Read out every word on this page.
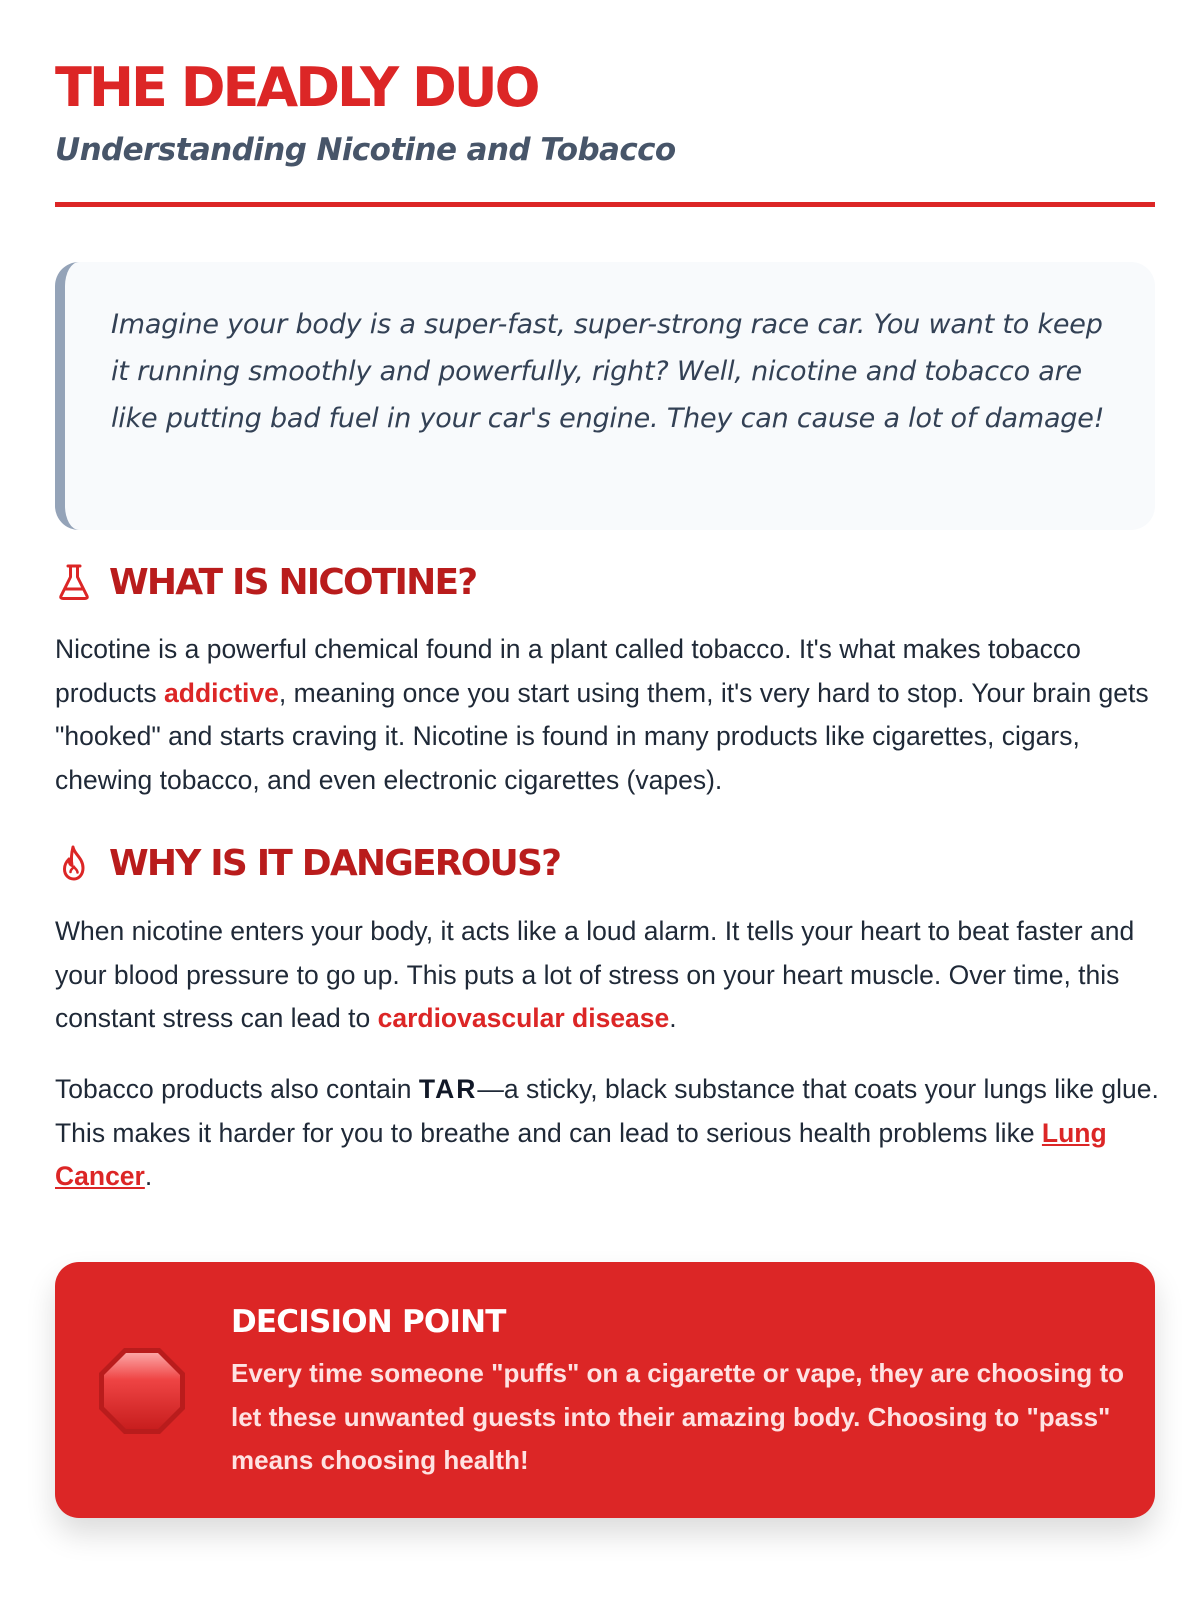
THE DEADLY DUO
Understanding Nicotine and Tobacco

Imagine your body is a super-fast, super-strong race car. You want to keep it running smoothly and powerfully, right? Well, nicotine and tobacco are like putting bad fuel in your car's engine. They can cause a lot of damage!

WHAT IS NICOTINE?

Nicotine is a powerful chemical found in a plant called tobacco. It's what makes tobacco products addictive, meaning once you start using them, it's very hard to stop. Your brain gets "hooked" and starts craving it. Nicotine is found in many products like cigarettes, cigars, chewing tobacco, and even electronic cigarettes (vapes).

WHY IS IT DANGEROUS?

When nicotine enters your body, it acts like a loud alarm. It tells your heart to beat faster and your blood pressure to go up. This puts a lot of stress on your heart muscle. Over time, this constant stress can lead to cardiovascular disease.

Tobacco products also contain TAR—a sticky, black substance that coats your lungs like glue. This makes it harder for you to breathe and can lead to serious health problems like Lung Cancer.

DECISION POINT

Every time someone "puffs" on a cigarette or vape, they are choosing to let these unwanted guests into their amazing body. Choosing to "pass" means choosing health!
